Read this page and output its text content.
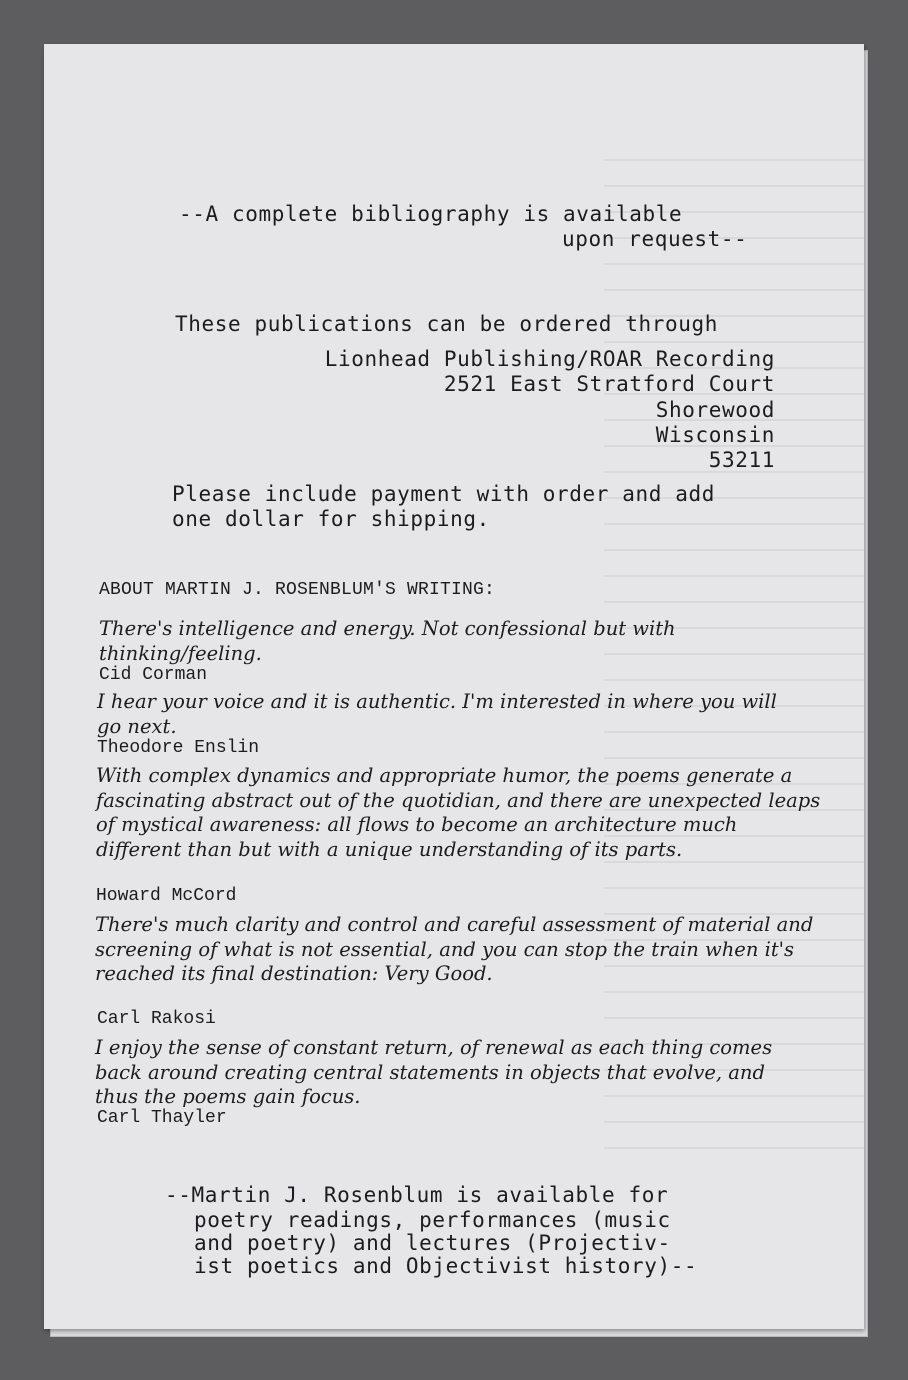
--A complete bibliography is available

upon request--

These publications can be ordered through

Lionhead Publishing/ROAR Recording

2521 East Stratford Court

Shorewood

Wisconsin

53211

Please include payment with order and add

one dollar for shipping.

ABOUT MARTIN J. ROSENBLUM'S WRITING:

There's intelligence and energy. Not confessional but with thinking/feeling.

Cid Corman

I hear your voice and it is authentic. I'm interested in where you will go next.

Theodore Enslin

With complex dynamics and appropriate humor, the poems generate a fascinating abstract out of the quotidian, and there are unexpected leaps of mystical awareness: all flows to become an architecture much different than but with a unique understanding of its parts.

Howard McCord

There's much clarity and control and careful assessment of material and screening of what is not essential, and you can stop the train when it's reached its final destination: Very Good.

Carl Rakosi

I enjoy the sense of constant return, of renewal as each thing comes back around creating central statements in objects that evolve, and thus the poems gain focus.

Carl Thayler

--Martin J. Rosenblum is available for

poetry readings, performances (music

and poetry) and lectures (Projectiv-

ist poetics and Objectivist history)--
